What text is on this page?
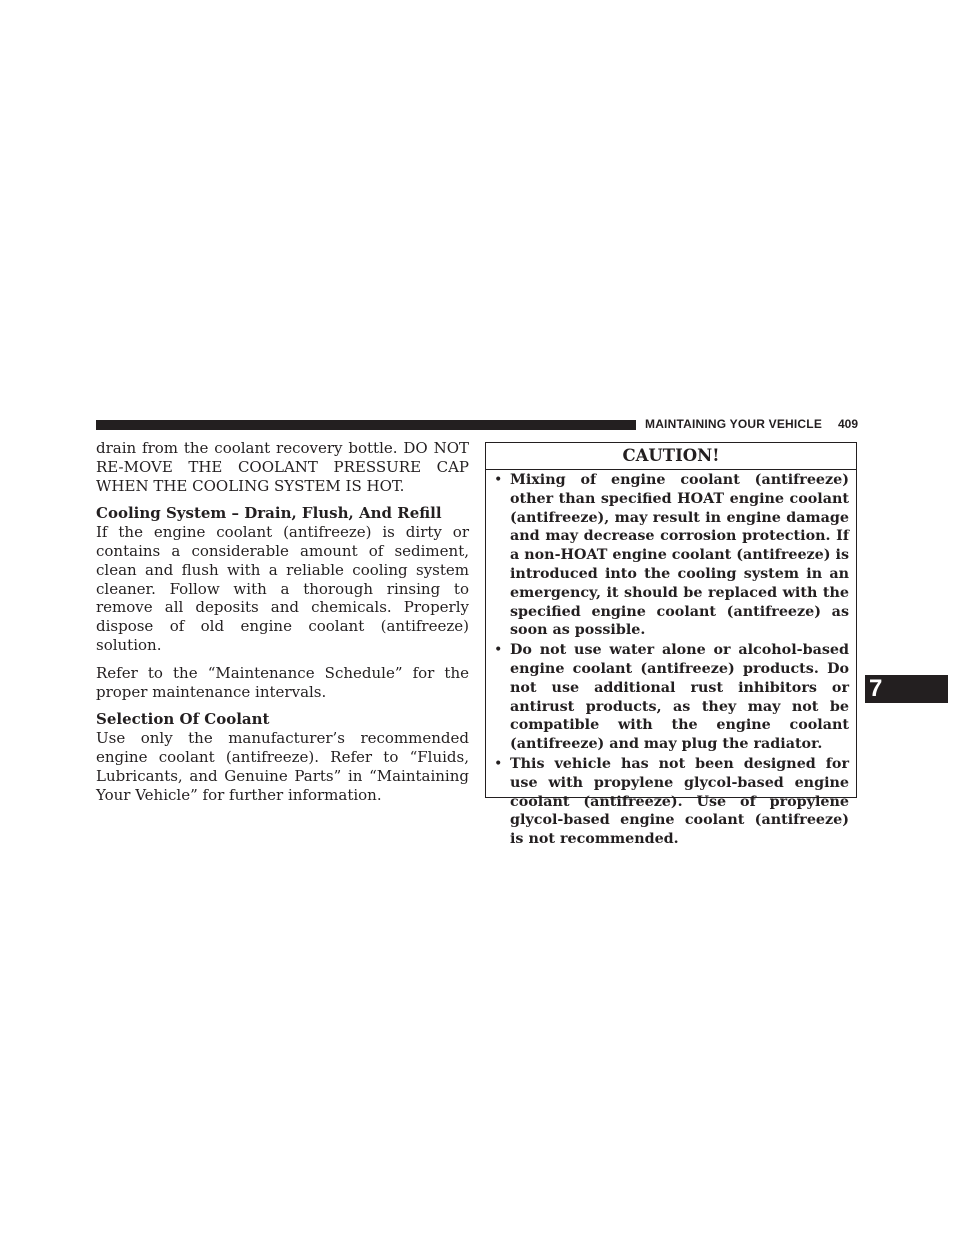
MAINTAINING YOUR VEHICLE 409

drain from the coolant recovery bottle. DO NOT RE-MOVE THE COOLANT PRESSURE CAP WHEN THE COOLING SYSTEM IS HOT.

Cooling System – Drain, Flush, And Refill

If the engine coolant (antifreeze) is dirty or contains a considerable amount of sediment, clean and flush with a reliable cooling system cleaner. Follow with a thorough rinsing to remove all deposits and chemicals. Properly dispose of old engine coolant (antifreeze) solution.

Refer to the “Maintenance Schedule” for the proper maintenance intervals.

Selection Of Coolant

Use only the manufacturer’s recommended engine coolant (antifreeze). Refer to “Fluids, Lubricants, and Genuine Parts” in “Maintaining Your Vehicle” for further information.

CAUTION!
• Mixing of engine coolant (antifreeze) other than specified HOAT engine coolant (antifreeze), may result in engine damage and may decrease corrosion protection. If a non-HOAT engine coolant (antifreeze) is introduced into the cooling system in an emergency, it should be replaced with the specified engine coolant (antifreeze) as soon as possible.
• Do not use water alone or alcohol-based engine coolant (antifreeze) products. Do not use additional rust inhibitors or antirust products, as they may not be compatible with the engine coolant (antifreeze) and may plug the radiator.
• This vehicle has not been designed for use with propylene glycol-based engine coolant (antifreeze). Use of propylene glycol-based engine coolant (antifreeze) is not recommended.
7
